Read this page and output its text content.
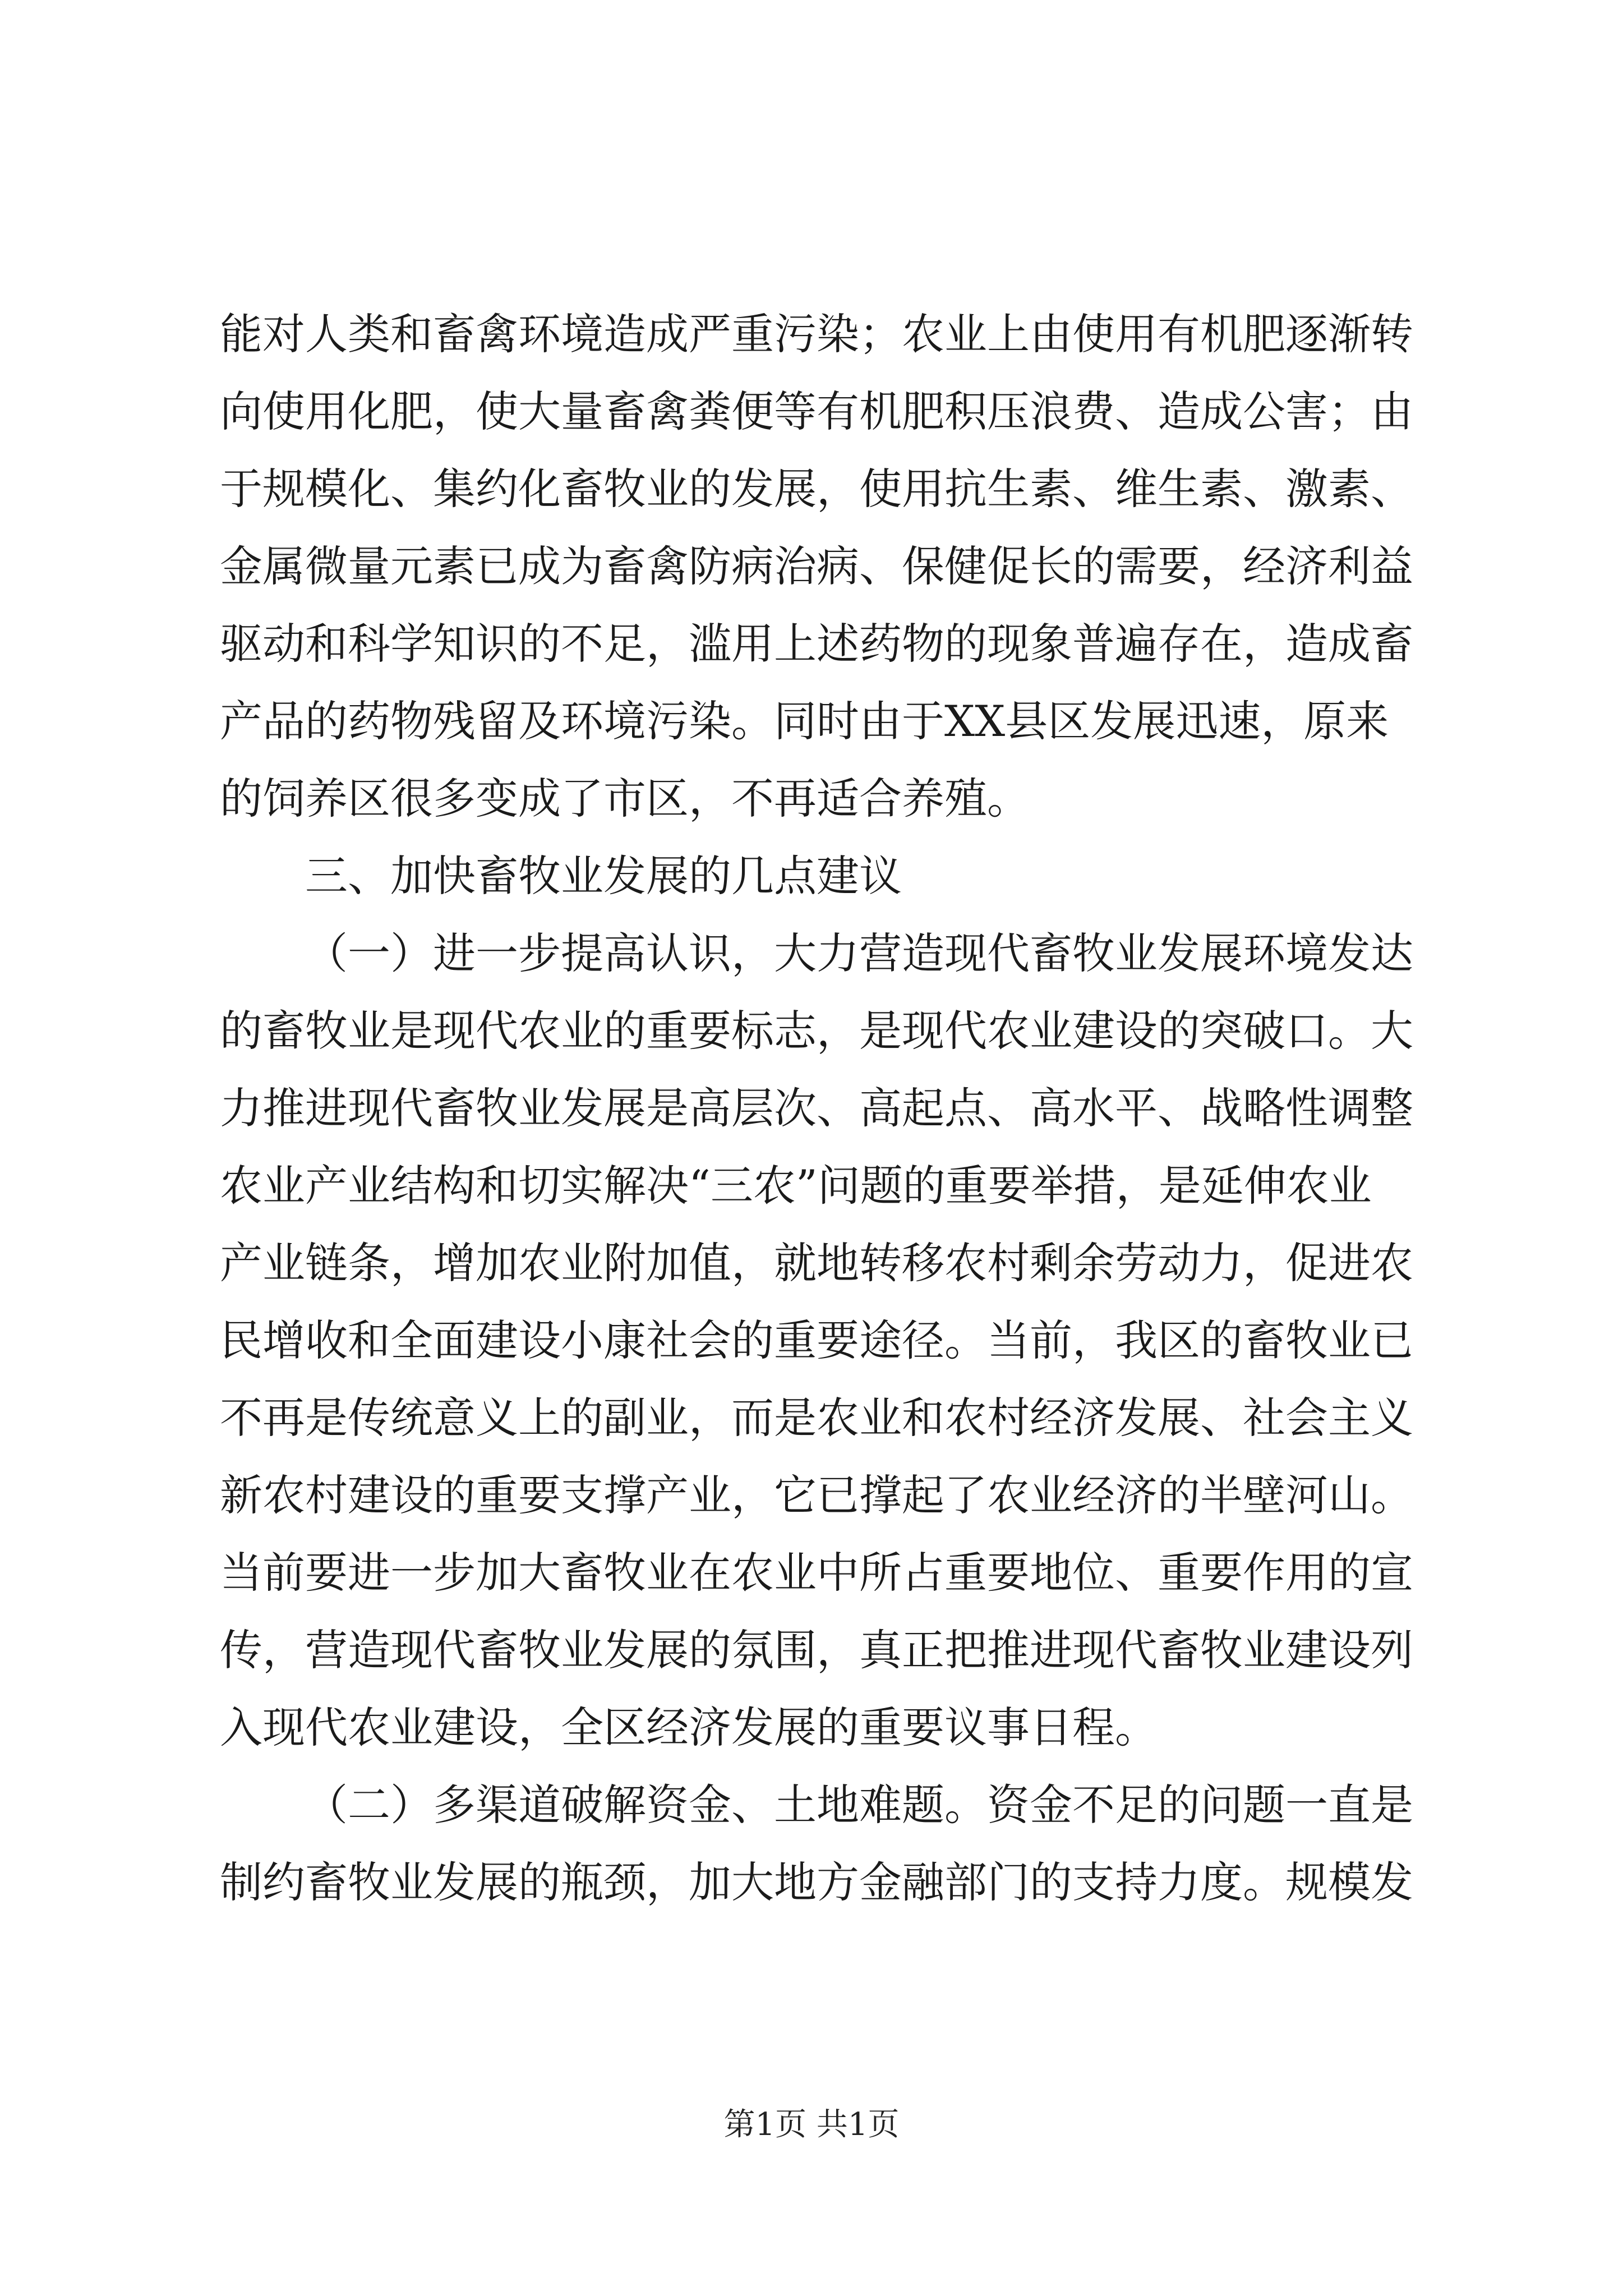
能对人类和畜禽环境造成严重污染；农业上由使用有机肥逐渐转
向使用化肥，使大量畜禽粪便等有机肥积压浪费、造成公害；由
于规模化、集约化畜牧业的发展，使用抗生素、维生素、激素、
金属微量元素已成为畜禽防病治病、保健促长的需要，经济利益
驱动和科学知识的不足，滥用上述药物的现象普遍存在，造成畜
产品的药物残留及环境污染。同时由于XX县区发展迅速，原来
的饲养区很多变成了市区，不再适合养殖。
三、加快畜牧业发展的几点建议
（一）进一步提高认识，大力营造现代畜牧业发展环境发达
的畜牧业是现代农业的重要标志，是现代农业建设的突破口。大
力推进现代畜牧业发展是高层次、高起点、高水平、战略性调整
农业产业结构和切实解决“三农”问题的重要举措，是延伸农业
产业链条，增加农业附加值，就地转移农村剩余劳动力，促进农
民增收和全面建设小康社会的重要途径。当前，我区的畜牧业已
不再是传统意义上的副业，而是农业和农村经济发展、社会主义
新农村建设的重要支撑产业，它已撑起了农业经济的半壁河山。
当前要进一步加大畜牧业在农业中所占重要地位、重要作用的宣
传，营造现代畜牧业发展的氛围，真正把推进现代畜牧业建设列
入现代农业建设，全区经济发展的重要议事日程。
（二）多渠道破解资金、土地难题。资金不足的问题一直是
制约畜牧业发展的瓶颈，加大地方金融部门的支持力度。规模发
第1页 共1页
